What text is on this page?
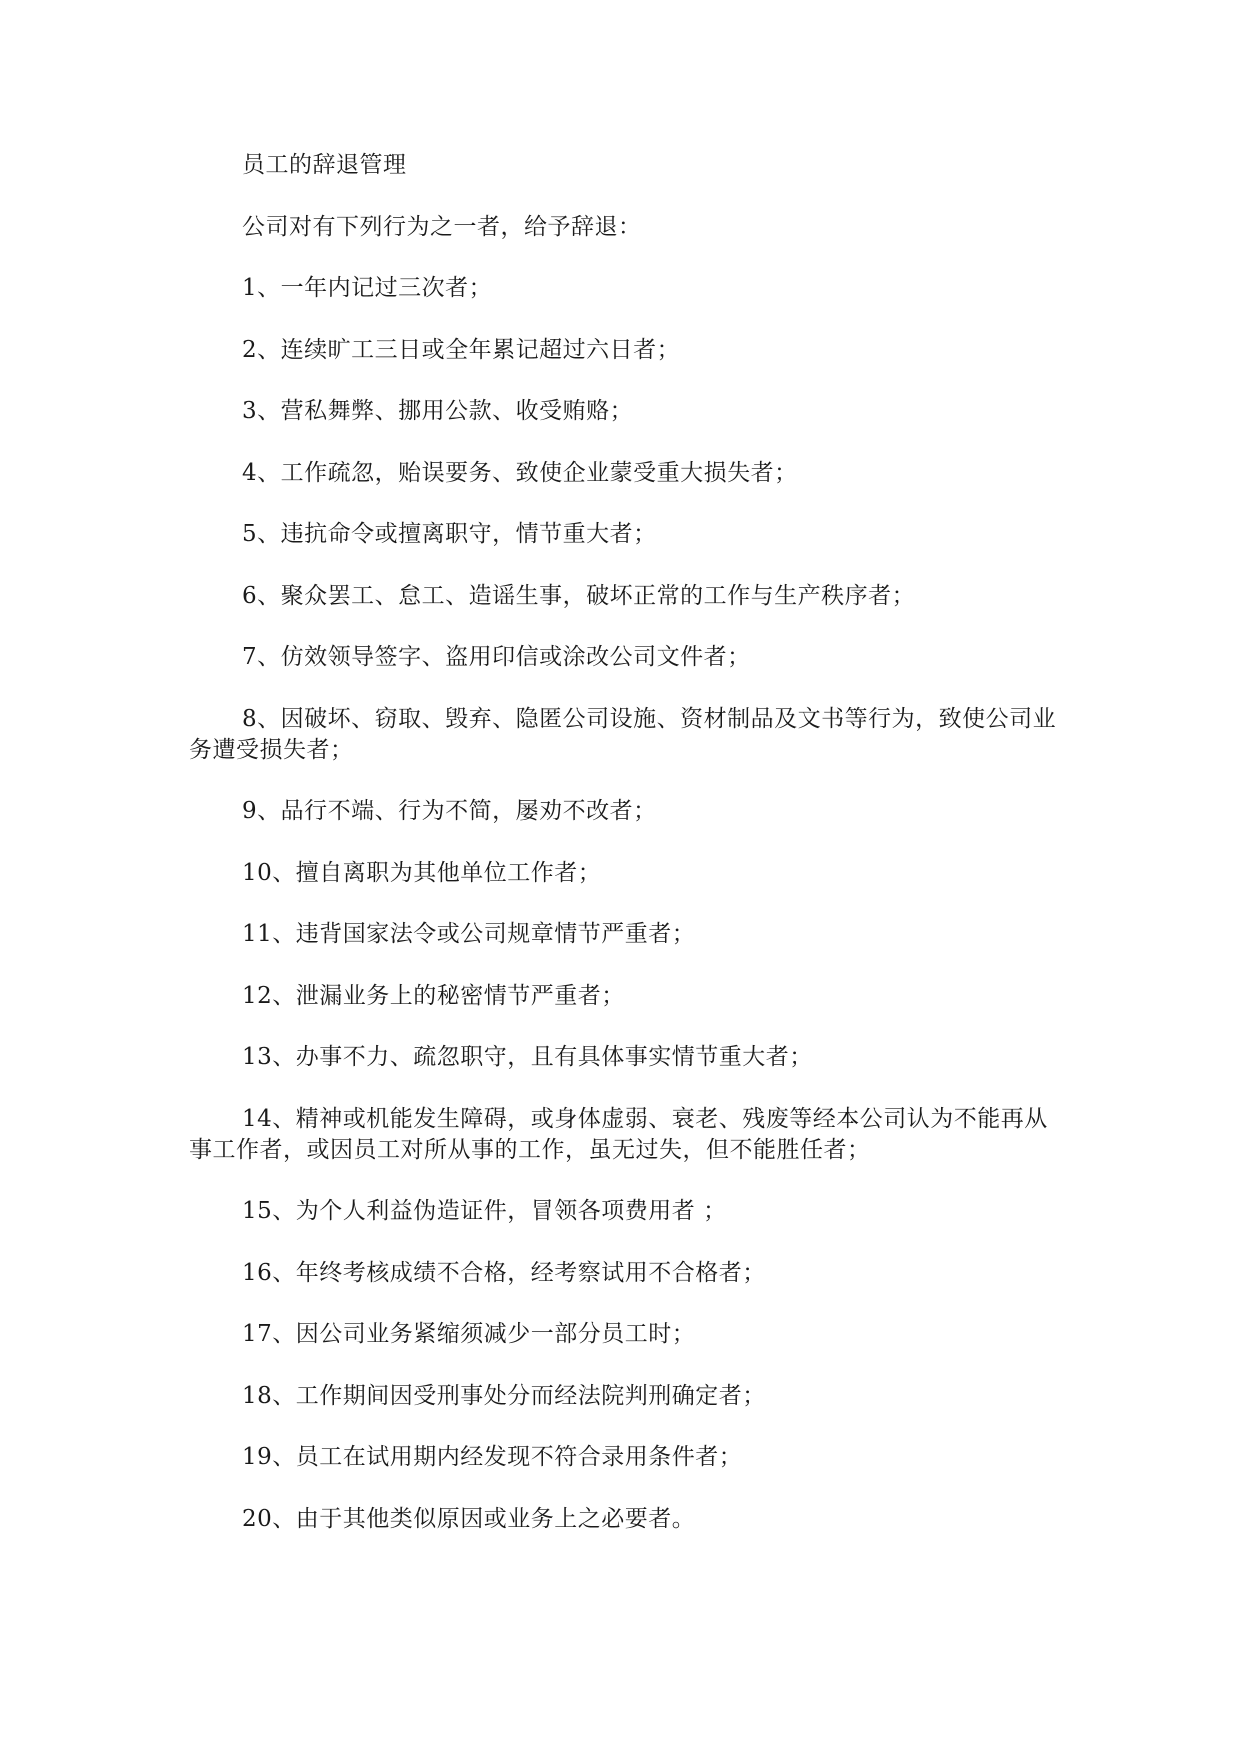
员工的辞退管理

公司对有下列行为之一者，给予辞退：

1、一年内记过三次者；

2、连续旷工三日或全年累记超过六日者；

3、营私舞弊、挪用公款、收受贿赂；

4、工作疏忽，贻误要务、致使企业蒙受重大损失者；

5、违抗命令或擅离职守，情节重大者；

6、聚众罢工、怠工、造谣生事，破坏正常的工作与生产秩序者；

7、仿效领导签字、盗用印信或涂改公司文件者；

8、因破坏、窃取、毁弃、隐匿公司设施、资材制品及文书等行为，致使公司业务遭受损失者；

9、品行不端、行为不简，屡劝不改者；

10、擅自离职为其他单位工作者；

11、违背国家法令或公司规章情节严重者；

12、泄漏业务上的秘密情节严重者；

13、办事不力、疏忽职守，且有具体事实情节重大者；

14、精神或机能发生障碍，或身体虚弱、衰老、残废等经本公司认为不能再从事工作者，或因员工对所从事的工作，虽无过失，但不能胜任者；

15、为个人利益伪造证件，冒领各项费用者 ；

16、年终考核成绩不合格，经考察试用不合格者；

17、因公司业务紧缩须减少一部分员工时；

18、工作期间因受刑事处分而经法院判刑确定者；

19、员工在试用期内经发现不符合录用条件者；

20、由于其他类似原因或业务上之必要者。
